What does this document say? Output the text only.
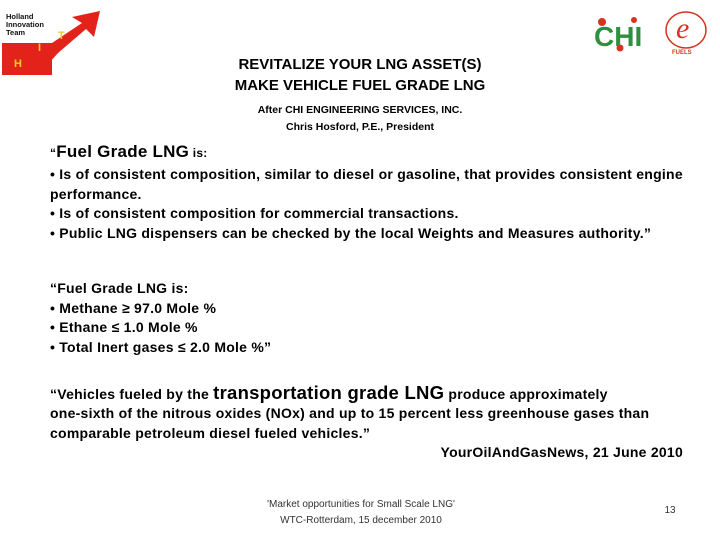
H
I
T
Holland
Innovation
Team	CHI e
FUELS
REVITALIZE YOUR LNG ASSET(S)
MAKE VEHICLE FUEL GRADE LNG
After CHI ENGINEERING SERVICES, INC.
Chris Hosford, P.E., President
“Fuel Grade LNG is:
• Is of consistent composition, similar to diesel or gasoline, that provides consistent engine performance.
• Is of consistent composition for commercial transactions.
• Public LNG dispensers can be checked by the local Weights and Measures authority.”
“Fuel Grade LNG is:
• Methane ≥ 97.0 Mole %
• Ethane ≤ 1.0 Mole %
• Total Inert gases ≤ 2.0 Mole %”
“Vehicles fueled by the transportation grade LNG produce approximately
one-sixth of the nitrous oxides (NOx) and up to 15 percent less greenhouse gases than comparable petroleum diesel fueled vehicles.”
YourOilAndGasNews, 21 June 2010
'Market opportunities for Small Scale LNG'
WTC-Rotterdam, 15 december 2010
13
